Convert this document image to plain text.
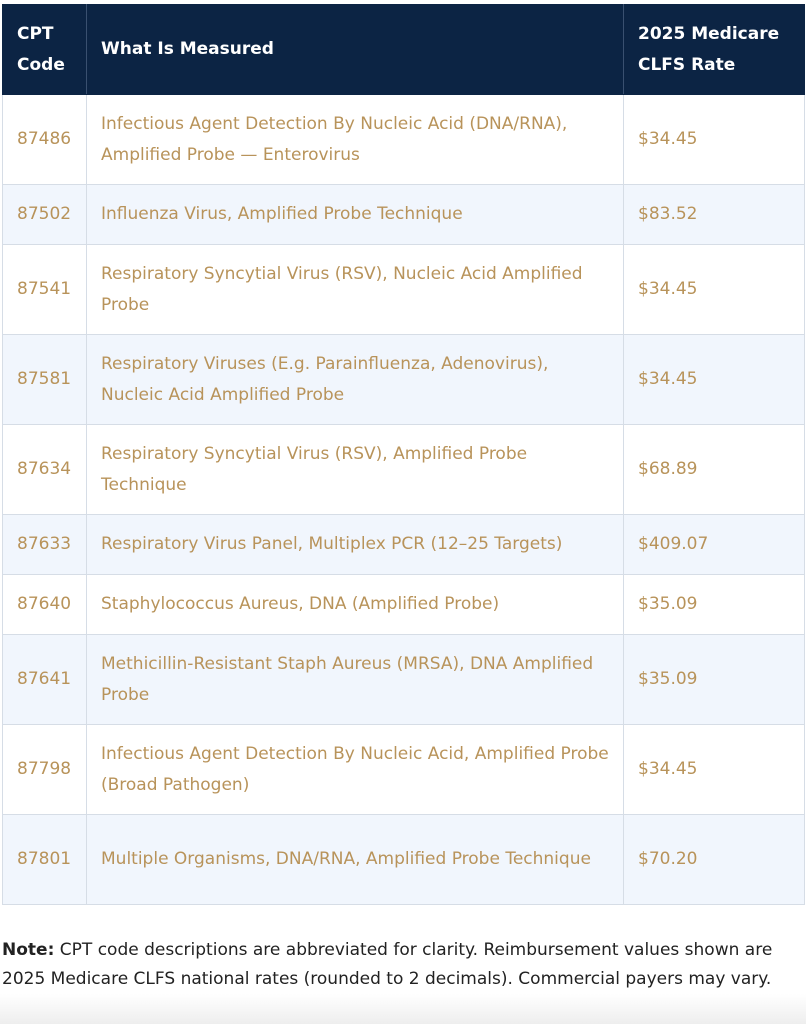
CPT Code	What Is Measured	2025 Medicare CLFS Rate
87486	Infectious Agent Detection By Nucleic Acid (DNA/RNA), Amplified Probe — Enterovirus	$34.45
87502	Influenza Virus, Amplified Probe Technique	$83.52
87541	Respiratory Syncytial Virus (RSV), Nucleic Acid Amplified Probe	$34.45
87581	Respiratory Viruses (E.g. Parainfluenza, Adenovirus), Nucleic Acid Amplified Probe	$34.45
87634	Respiratory Syncytial Virus (RSV), Amplified Probe Technique	$68.89
87633	Respiratory Virus Panel, Multiplex PCR (12–25 Targets)	$409.07
87640	Staphylococcus Aureus, DNA (Amplified Probe)	$35.09
87641	Methicillin-Resistant Staph Aureus (MRSA), DNA Amplified Probe	$35.09
87798	Infectious Agent Detection By Nucleic Acid, Amplified Probe (Broad Pathogen)	$34.45
87801	Multiple Organisms, DNA/RNA, Amplified Probe Technique	$70.20

Note: CPT code descriptions are abbreviated for clarity. Reimbursement values shown are 2025 Medicare CLFS national rates (rounded to 2 decimals). Commercial payers may vary.
